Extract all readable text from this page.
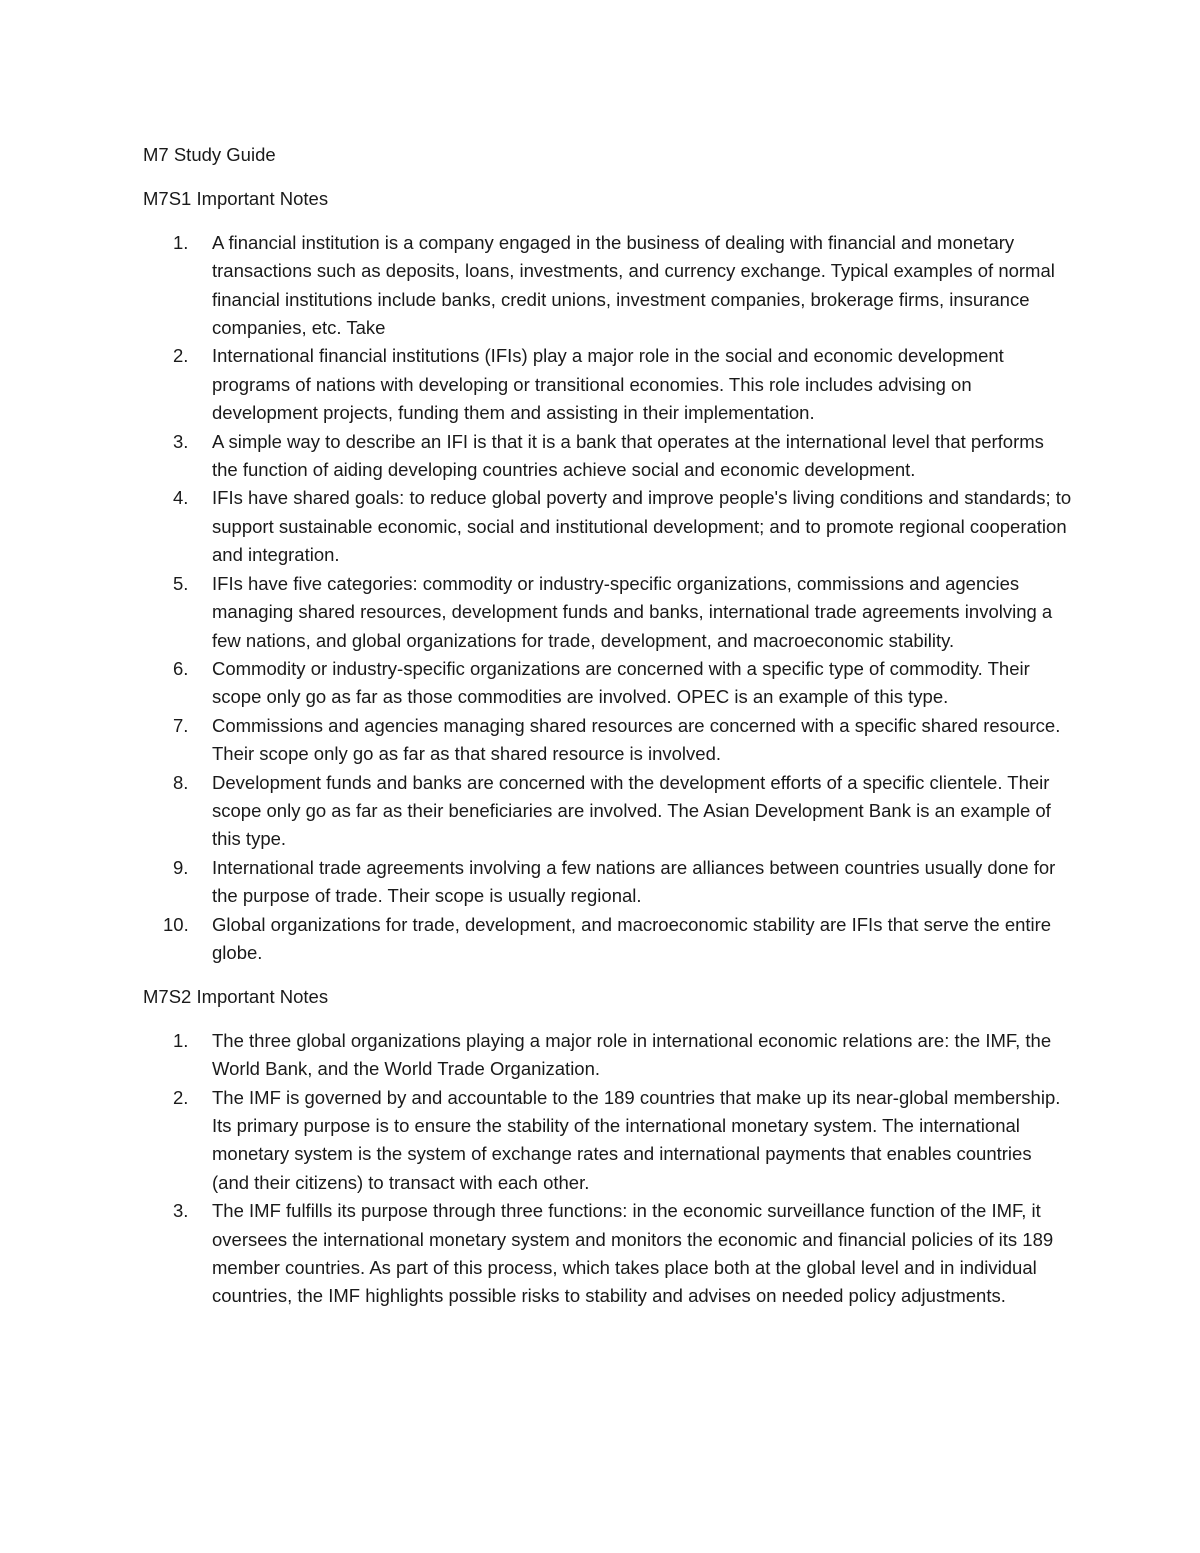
M7 Study Guide

M7S1 Important Notes

1.	A financial institution is a company engaged in the business of dealing with financial and monetary transactions such as deposits, loans, investments, and currency exchange. Typical examples of normal financial institutions include banks, credit unions, investment companies, brokerage firms, insurance companies, etc. Take
2.	International financial institutions (IFIs) play a major role in the social and economic development programs of nations with developing or transitional economies. This role includes advising on development projects, funding them and assisting in their implementation.
3.	A simple way to describe an IFI is that it is a bank that operates at the international level that performs the function of aiding developing countries achieve social and economic development.
4.	IFIs have shared goals: to reduce global poverty and improve people's living conditions and standards; to support sustainable economic, social and institutional development; and to promote regional cooperation and integration.
5.	IFIs have five categories: commodity or industry-specific organizations, commissions and agencies managing shared resources, development funds and banks, international trade agreements involving a few nations, and global organizations for trade, development, and macroeconomic stability.
6.	Commodity or industry-specific organizations are concerned with a specific type of commodity. Their scope only go as far as those commodities are involved. OPEC is an example of this type.
7.	Commissions and agencies managing shared resources are concerned with a specific shared resource. Their scope only go as far as that shared resource is involved.
8.	Development funds and banks are concerned with the development efforts of a specific clientele. Their scope only go as far as their beneficiaries are involved. The Asian Development Bank is an example of this type.
9.	International trade agreements involving a few nations are alliances between countries usually done for the purpose of trade. Their scope is usually regional.
10.	Global organizations for trade, development, and macroeconomic stability are IFIs that serve the entire globe.

M7S2 Important Notes

1.	The three global organizations playing a major role in international economic relations are: the IMF, the World Bank, and the World Trade Organization.
2.	The IMF is governed by and accountable to the 189 countries that make up its near-global membership. Its primary purpose is to ensure the stability of the international monetary system. The international monetary system is the system of exchange rates and international payments that enables countries (and their citizens) to transact with each other.
3.	The IMF fulfills its purpose through three functions: in the economic surveillance function of the IMF, it oversees the international monetary system and monitors the economic and financial policies of its 189 member countries. As part of this process, which takes place both at the global level and in individual countries, the IMF highlights possible risks to stability and advises on needed policy adjustments.
